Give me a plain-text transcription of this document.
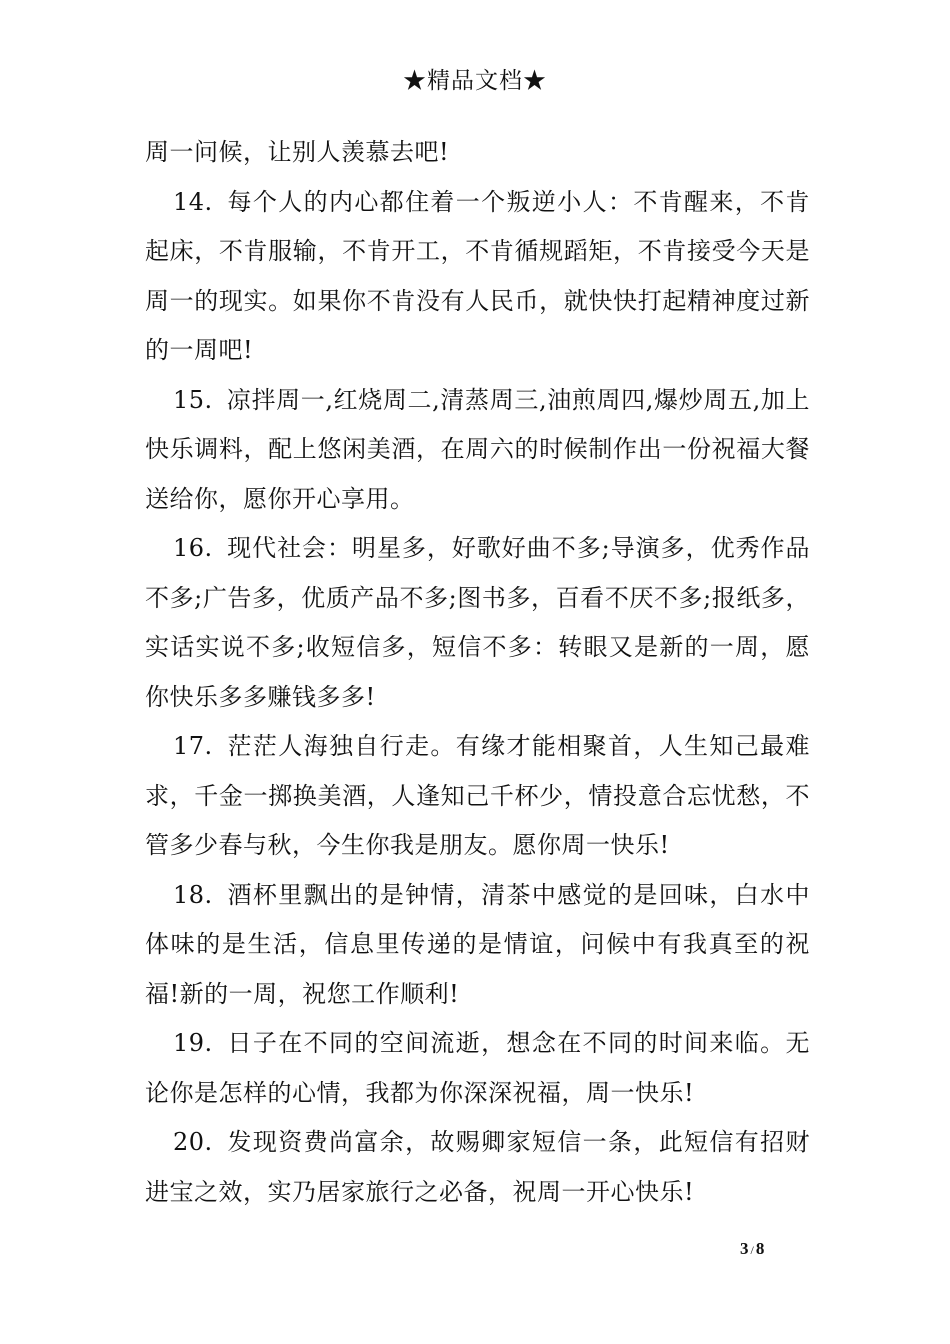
★精品文档★

周一问候，让别人羡慕去吧!

14. 每个人的内心都住着一个叛逆小人：不肯醒来，不肯起床，不肯服输，不肯开工，不肯循规蹈矩，不肯接受今天是周一的现实。如果你不肯没有人民币，就快快打起精神度过新的一周吧!

15. 凉拌周一,红烧周二,清蒸周三,油煎周四,爆炒周五,加上快乐调料，配上悠闲美酒，在周六的时候制作出一份祝福大餐送给你，愿你开心享用。

16. 现代社会：明星多，好歌好曲不多;导演多，优秀作品不多;广告多，优质产品不多;图书多，百看不厌不多;报纸多，实话实说不多;收短信多，短信不多：转眼又是新的一周，愿你快乐多多赚钱多多!

17. 茫茫人海独自行走。有缘才能相聚首，人生知己最难求，千金一掷换美酒，人逢知己千杯少，情投意合忘忧愁，不管多少春与秋，今生你我是朋友。愿你周一快乐!

18. 酒杯里飘出的是钟情，清茶中感觉的是回味，白水中体味的是生活，信息里传递的是情谊，问候中有我真至的祝福!新的一周，祝您工作顺利!

19. 日子在不同的空间流逝，想念在不同的时间来临。无论你是怎样的心情，我都为你深深祝福，周一快乐!

20. 发现资费尚富余，故赐卿家短信一条，此短信有招财进宝之效，实乃居家旅行之必备，祝周一开心快乐!

3 / 8
